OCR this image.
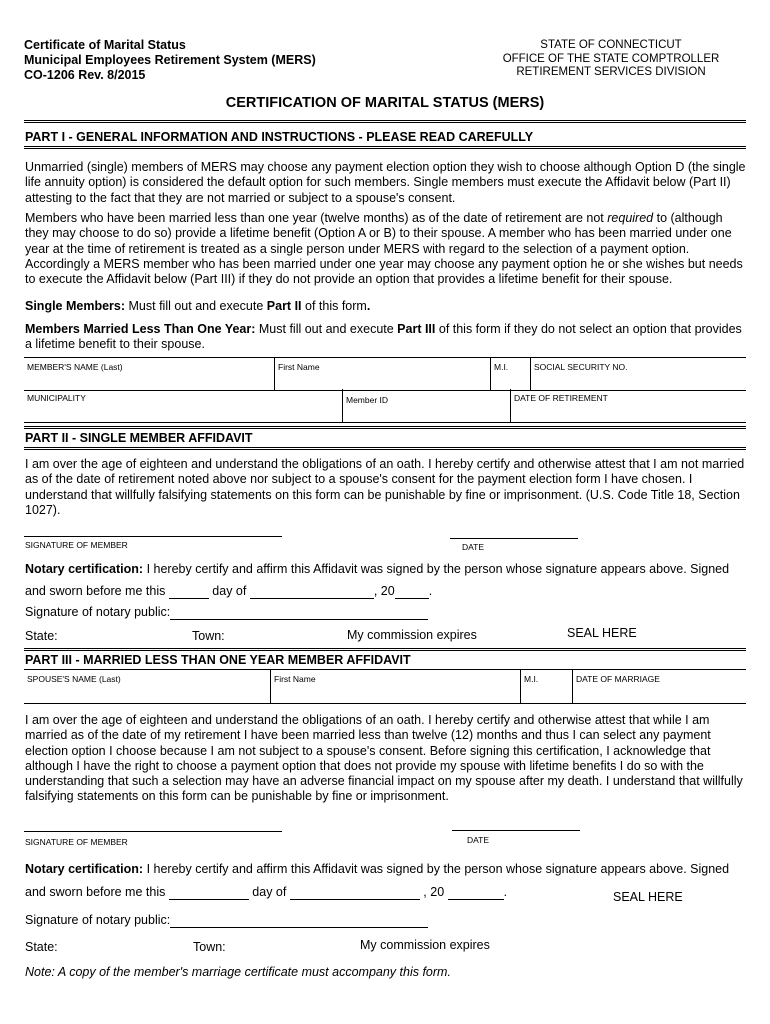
Certificate of Marital Status
Municipal Employees Retirement System (MERS)
CO-1206 Rev. 8/2015
STATE OF CONNECTICUT
OFFICE OF THE STATE COMPTROLLER
RETIREMENT SERVICES DIVISION
CERTIFICATION OF MARITAL STATUS (MERS)
PART I - GENERAL INFORMATION AND INSTRUCTIONS - PLEASE READ CAREFULLY

Unmarried (single) members of MERS may choose any payment election option they wish to choose although Option D (the single life annuity option) is considered the default option for such members. Single members must execute the Affidavit below (Part II) attesting to the fact that they are not married or subject to a spouse's consent.

Members who have been married less than one year (twelve months) as of the date of retirement are not required to (although they may choose to do so) provide a lifetime benefit (Option A or B) to their spouse. A member who has been married under one year at the time of retirement is treated as a single person under MERS with regard to the selection of a payment option. Accordingly a MERS member who has been married under one year may choose any payment option he or she wishes but needs to execute the Affidavit below (Part III) if they do not provide an option that provides a lifetime benefit for their spouse.

Single Members: Must fill out and execute Part II of this form.

Members Married Less Than One Year: Must fill out and execute Part III of this form if they do not select an option that provides a lifetime benefit to their spouse.

MEMBER'S NAME (Last)	First Name	M.I.	SOCIAL SECURITY NO.
MUNICIPALITY	Member ID	DATE OF RETIREMENT
PART II - SINGLE MEMBER AFFIDAVIT

I am over the age of eighteen and understand the obligations of an oath. I hereby certify and otherwise attest that I am not married as of the date of retirement noted above nor subject to a spouse's consent for the payment election form I have chosen. I understand that willfully falsifying statements on this form can be punishable by fine or imprisonment. (U.S. Code Title 18, Section 1027).

SIGNATURE OF MEMBER	DATE

Notary certification: I hereby certify and affirm this Affidavit was signed by the person whose signature appears above. Signed

and sworn before me this	day of	, 20	.
Signature of notary public:
State:	Town:	My commission expires	SEAL HERE
PART III - MARRIED LESS THAN ONE YEAR MEMBER AFFIDAVIT
SPOUSE'S NAME (Last)	First Name	M.I.	DATE OF MARRIAGE

I am over the age of eighteen and understand the obligations of an oath. I hereby certify and otherwise attest that while I am married as of the date of my retirement I have been married less than twelve (12) months and thus I can select any payment election option I choose because I am not subject to a spouse's consent. Before signing this certification, I acknowledge that although I have the right to choose a payment option that does not provide my spouse with lifetime benefits I do so with the understanding that such a selection may have an adverse financial impact on my spouse after my death. I understand that willfully falsifying statements on this form can be punishable by fine or imprisonment.

SIGNATURE OF MEMBER	DATE

Notary certification: I hereby certify and affirm this Affidavit was signed by the person whose signature appears above. Signed

and sworn before me this	day of	, 20	.	SEAL HERE
Signature of notary public:
State:	Town:	My commission expires
Note: A copy of the member's marriage certificate must accompany this form.
